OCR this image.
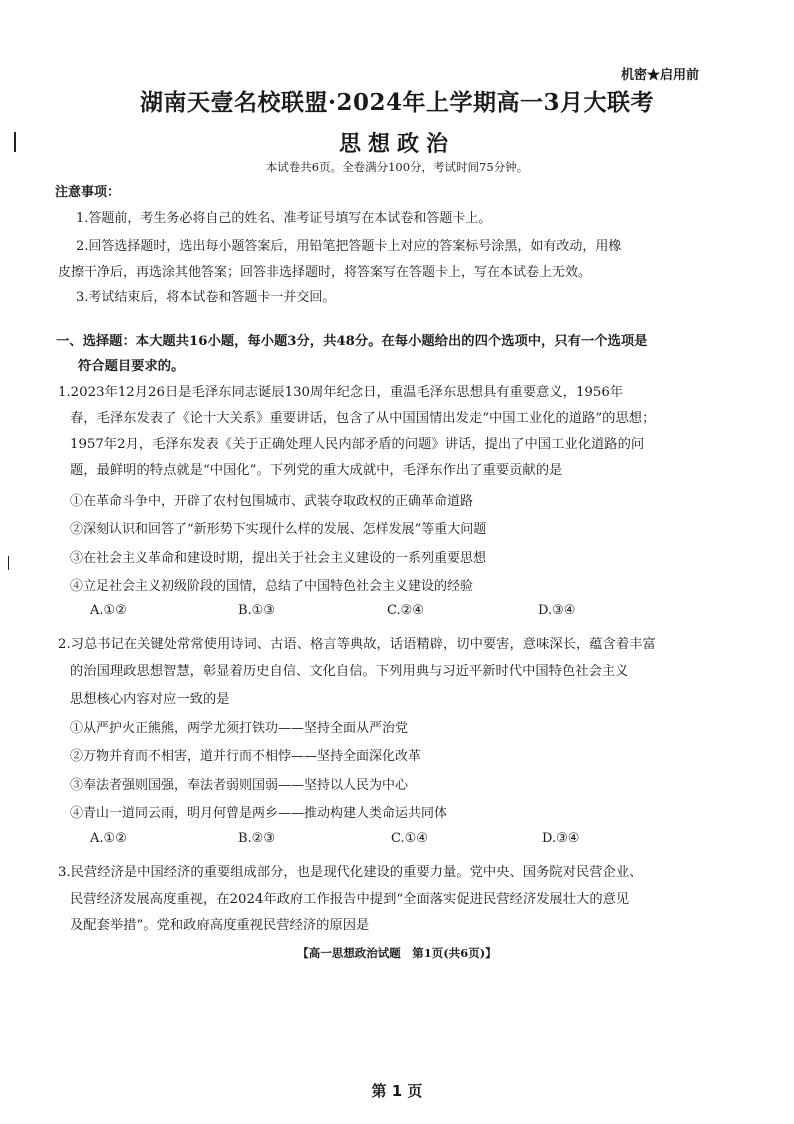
机密★启用前
湖南天壹名校联盟·2024年上学期高一3月大联考
思想政治
本试卷共6页。全卷满分100分，考试时间75分钟。
注意事项：
1.答题前，考生务必将自己的姓名、准考证号填写在本试卷和答题卡上。
2.回答选择题时，选出每小题答案后，用铅笔把答题卡上对应的答案标号涂黑，如有改动，用橡
皮擦干净后，再选涂其他答案；回答非选择题时，将答案写在答题卡上，写在本试卷上无效。
3.考试结束后，将本试卷和答题卡一并交回。
一、选择题：本大题共16小题，每小题3分，共48分。在每小题给出的四个选项中，只有一个选项是
符合题目要求的。
1.2023年12月26日是毛泽东同志诞辰130周年纪念日，重温毛泽东思想具有重要意义，1956年
春，毛泽东发表了《论十大关系》重要讲话，包含了从中国国情出发走“中国工业化的道路”的思想；
1957年2月，毛泽东发表《关于正确处理人民内部矛盾的问题》讲话，提出了中国工业化道路的问
题，最鲜明的特点就是“中国化”。下列党的重大成就中，毛泽东作出了重要贡献的是
①在革命斗争中，开辟了农村包围城市、武装夺取政权的正确革命道路
②深刻认识和回答了“新形势下实现什么样的发展、怎样发展”等重大问题
③在社会主义革命和建设时期，提出关于社会主义建设的一系列重要思想
④立足社会主义初级阶段的国情，总结了中国特色社会主义建设的经验
A.①②	B.①③	C.②④	D.③④
2.习总书记在关键处常常使用诗词、古语、格言等典故，话语精辟，切中要害，意味深长，蕴含着丰富
的治国理政思想智慧，彰显着历史自信、文化自信。下列用典与习近平新时代中国特色社会主义
思想核心内容对应一致的是
①从严护火正熊熊，两学尤须打铁功——坚持全面从严治党
②万物并育而不相害，道并行而不相悖——坚持全面深化改革
③奉法者强则国强，奉法者弱则国弱——坚持以人民为中心
④青山一道同云雨，明月何曾是两乡——推动构建人类命运共同体
A.①②	B.②③	C.①④	D.③④
3.民营经济是中国经济的重要组成部分，也是现代化建设的重要力量。党中央、国务院对民营企业、
民营经济发展高度重视，在2024年政府工作报告中提到“全面落实促进民营经济发展壮大的意见
及配套举措”。党和政府高度重视民营经济的原因是
【高一思想政治试题　第1页(共6页)】
第 1 页
